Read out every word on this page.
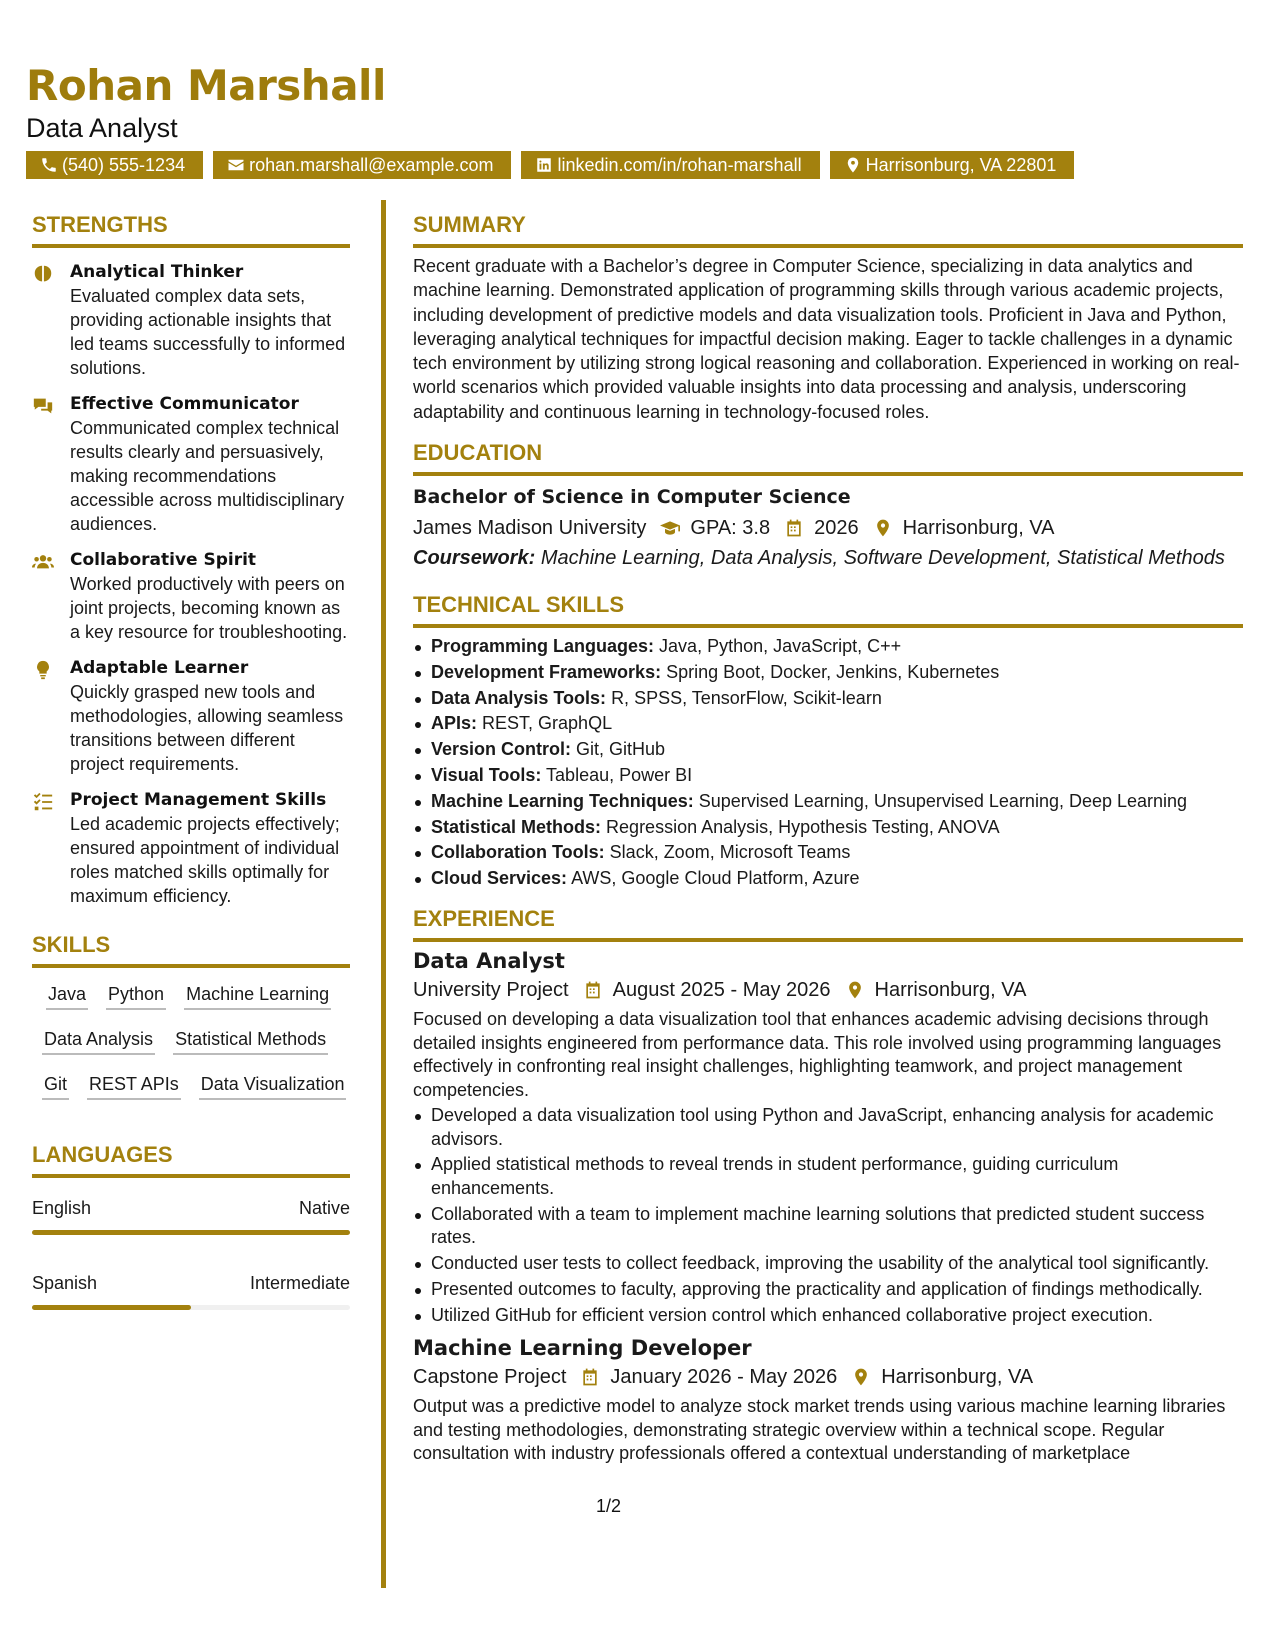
Rohan Marshall
Data Analyst
(540) 555-1234	rohan.marshall@example.com	linkedin.com/in/rohan-marshall	Harrisonburg, VA 22801
STRENGTHS
Analytical Thinker
Evaluated complex data sets, providing actionable insights that led teams successfully to informed solutions.
Effective Communicator
Communicated complex technical results clearly and persuasively, making recommendations accessible across multidisciplinary audiences.
Collaborative Spirit
Worked productively with peers on joint projects, becoming known as a key resource for troubleshooting.
Adaptable Learner
Quickly grasped new tools and methodologies, allowing seamless transitions between different project requirements.
Project Management Skills
Led academic projects effectively; ensured appointment of individual roles matched skills optimally for maximum efficiency.
SKILLS
Java Python Machine Learning
Data Analysis Statistical Methods
Git REST APIs Data Visualization
LANGUAGES
English	Native
Spanish	Intermediate
SUMMARY
Recent graduate with a Bachelor’s degree in Computer Science, specializing in data analytics and machine learning. Demonstrated application of programming skills through various academic projects, including development of predictive models and data visualization tools. Proficient in Java and Python, leveraging analytical techniques for impactful decision making. Eager to tackle challenges in a dynamic tech environment by utilizing strong logical reasoning and collaboration. Experienced in working on real-world scenarios which provided valuable insights into data processing and analysis, underscoring adaptability and continuous learning in technology-focused roles.
EDUCATION
Bachelor of Science in Computer Science
James Madison University GPA: 3.8 2026 Harrisonburg, VA
Coursework: Machine Learning, Data Analysis, Software Development, Statistical Methods
TECHNICAL SKILLS
Programming Languages: Java, Python, JavaScript, C++
Development Frameworks: Spring Boot, Docker, Jenkins, Kubernetes
Data Analysis Tools: R, SPSS, TensorFlow, Scikit-learn
APIs: REST, GraphQL
Version Control: Git, GitHub
Visual Tools: Tableau, Power BI
Machine Learning Techniques: Supervised Learning, Unsupervised Learning, Deep Learning
Statistical Methods: Regression Analysis, Hypothesis Testing, ANOVA
Collaboration Tools: Slack, Zoom, Microsoft Teams
Cloud Services: AWS, Google Cloud Platform, Azure
EXPERIENCE
Data Analyst
University Project August 2025 - May 2026 Harrisonburg, VA
Focused on developing a data visualization tool that enhances academic advising decisions through detailed insights engineered from performance data. This role involved using programming languages effectively in confronting real insight challenges, highlighting teamwork, and project management competencies.
Developed a data visualization tool using Python and JavaScript, enhancing analysis for academic advisors.
Applied statistical methods to reveal trends in student performance, guiding curriculum enhancements.
Collaborated with a team to implement machine learning solutions that predicted student success rates.
Conducted user tests to collect feedback, improving the usability of the analytical tool significantly.
Presented outcomes to faculty, approving the practicality and application of findings methodically.
Utilized GitHub for efficient version control which enhanced collaborative project execution.
Machine Learning Developer
Capstone Project January 2026 - May 2026 Harrisonburg, VA
Output was a predictive model to analyze stock market trends using various machine learning libraries and testing methodologies, demonstrating strategic overview within a technical scope. Regular consultation with industry professionals offered a contextual understanding of marketplace
1/2
